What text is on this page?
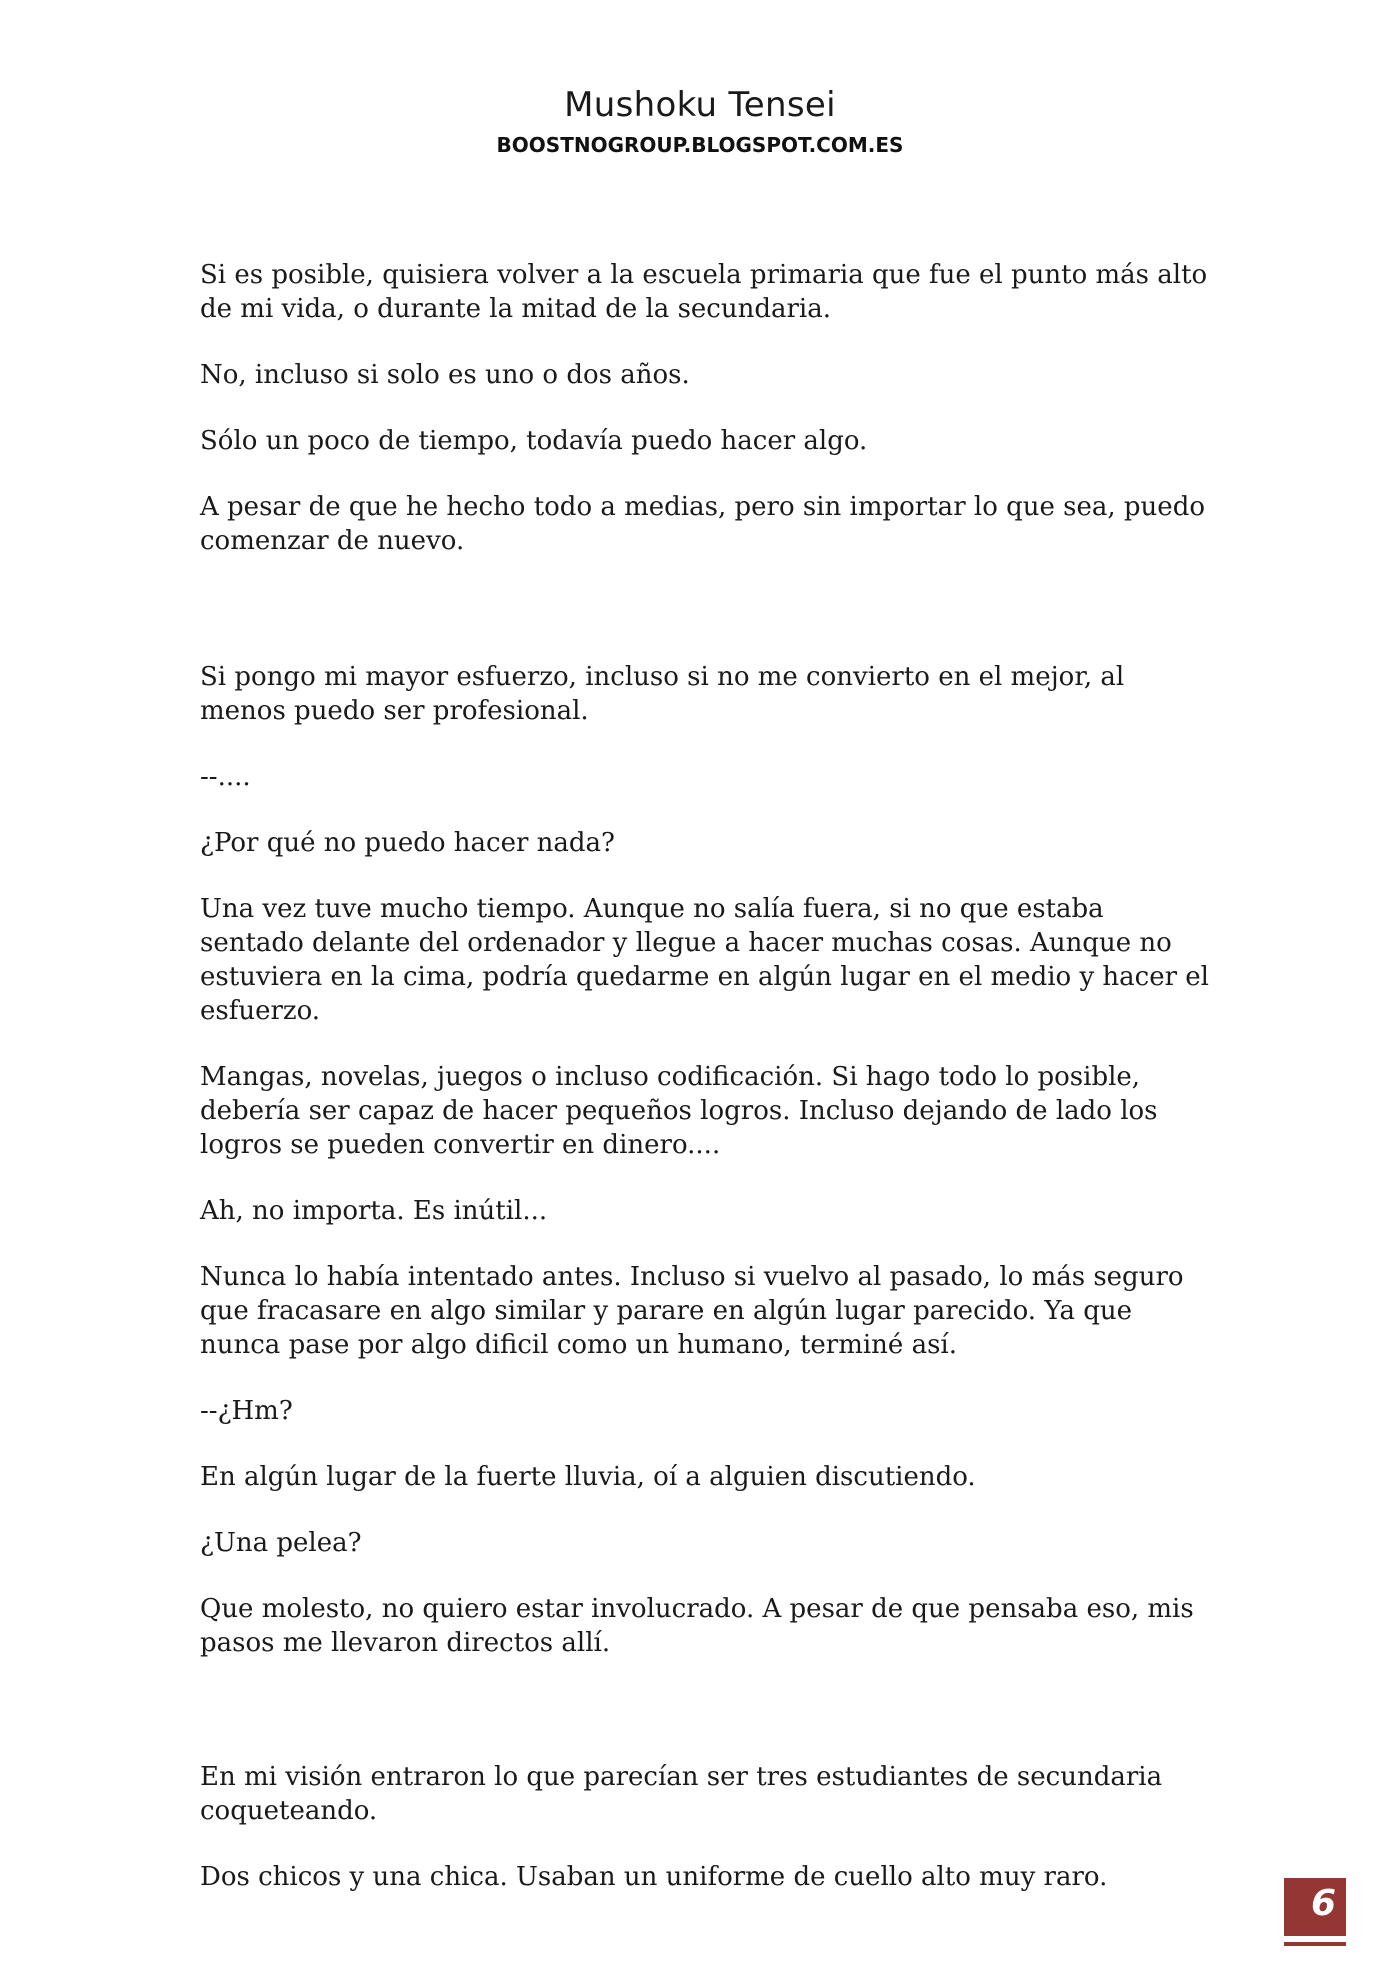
Mushoku Tensei
BOOSTNOGROUP.BLOGSPOT.COM.ES

Si es posible, quisiera volver a la escuela primaria que fue el punto más alto de mi vida, o durante la mitad de la secundaria.

No, incluso si solo es uno o dos años.

Sólo un poco de tiempo, todavía puedo hacer algo.

A pesar de que he hecho todo a medias, pero sin importar lo que sea, puedo comenzar de nuevo.

Si pongo mi mayor esfuerzo, incluso si no me convierto en el mejor, al menos puedo ser profesional.

--....

¿Por qué no puedo hacer nada?

Una vez tuve mucho tiempo. Aunque no salía fuera, si no que estaba sentado delante del ordenador y llegue a hacer muchas cosas. Aunque no estuviera en la cima, podría quedarme en algún lugar en el medio y hacer el esfuerzo.

Mangas, novelas, juegos o incluso codificación. Si hago todo lo posible, debería ser capaz de hacer pequeños logros. Incluso dejando de lado los logros se pueden convertir en dinero....

Ah, no importa. Es inútil...

Nunca lo había intentado antes. Incluso si vuelvo al pasado, lo más seguro que fracasare en algo similar y parare en algún lugar parecido. Ya que nunca pase por algo dificil como un humano, terminé así.

--¿Hm?

En algún lugar de la fuerte lluvia, oí a alguien discutiendo.

¿Una pelea?

Que molesto, no quiero estar involucrado. A pesar de que pensaba eso, mis pasos me llevaron directos allí.

En mi visión entraron lo que parecían ser tres estudiantes de secundaria coqueteando.

Dos chicos y una chica. Usaban un uniforme de cuello alto muy raro.

6
